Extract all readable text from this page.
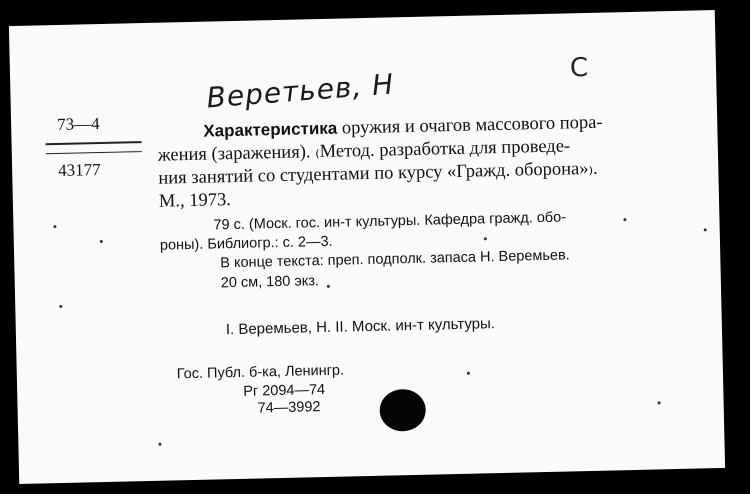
Веретьев, Н	С
73—4
43177
Характеристика оружия и очагов массового пора-
жения (заражения). ₍Метод. разработка для проведе-
ния занятий со студентами по курсу «Гражд. оборона»₎.
М., 1973.
79 с. (Моск. гос. ин-т культуры. Кафедра гражд. обо-
роны). Библиогр.: с. 2—3.
В конце текста: преп. подполк. запаса Н. Веремьев.
20 см, 180 экз.
I. Веремьев, Н. II. Моск. ин-т культуры.
Гос. Публ. б-ка, Ленингр.
Рг 2094—74
74—3992
